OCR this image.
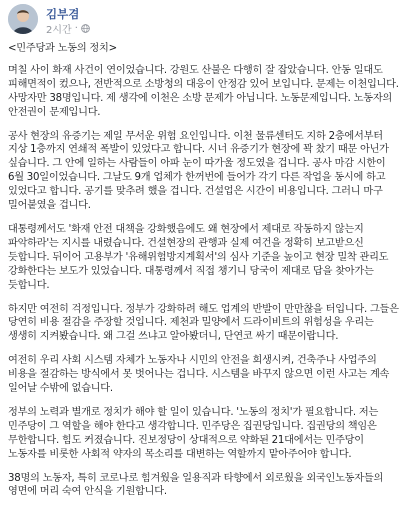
김부겸
2시간 ·
<민주당과 노동의 정치>
며칠 사이 화재 사건이 연이었습니다. 강원도 산불은 다행히 잘 잡았습니다. 안동 일대도 피해면적이 컸으나, 전반적으로 소방청의 대응이 안정감 있어 보입니다. 문제는 이천입니다. 사망자만 38명입니다. 제 생각에 이천은 소방 문제가 아닙니다. 노동문제입니다. 노동자의 안전권이 문제입니다.
공사 현장의 유증기는 제일 무서운 위험 요인입니다. 이천 물류센터도 지하 2층에서부터 지상 1층까지 연쇄적 폭발이 있었다고 합니다. 시너 유증기가 현장에 꽉 찼기 때문 아닌가 싶습니다. 그 안에 일하는 사람들이 아파 눈이 따가울 정도였을 겁니다. 공사 마감 시한이 6월 30일이었습니다. 그날도 9개 업체가 한꺼번에 들어가 각기 다른 작업을 동시에 하고 있었다고 합니다. 공기를 맞추려 했을 겁니다. 건설업은 시간이 비용입니다. 그러니 마구 밀어붙였을 겁니다.
대통령께서도 '화재 안전 대책을 강화했음에도 왜 현장에서 제대로 작동하지 않는지 파악하라'는 지시를 내렸습니다. 건설현장의 관행과 실제 여건을 정확히 보고받으신 듯합니다. 뒤이어 고용부가 '유해위험방지계획서'의 심사 기준을 높이고 현장 밀착 관리도 강화한다는 보도가 있었습니다. 대통령께서 직접 챙기니 당국이 제대로 답을 찾아가는 듯합니다.
하지만 여전히 걱정입니다. 정부가 강화하려 해도 업계의 반발이 만만찮을 터입니다. 그들은 당연히 비용 절감을 주장할 것입니다. 제천과 밀양에서 드라이비트의 위험성을 우리는 생생히 지켜봤습니다. 왜 그걸 쓰냐고 알아봤더니, 단연코 싸기 때문이랍니다.
여전히 우리 사회 시스템 자체가 노동자나 시민의 안전을 희생시켜, 건축주나 사업주의 비용을 절감하는 방식에서 못 벗어나는 겁니다. 시스템을 바꾸지 않으면 이런 사고는 계속 일어날 수밖에 없습니다.
정부의 노력과 별개로 정치가 해야 할 일이 있습니다. '노동의 정치'가 필요합니다. 저는 민주당이 그 역할을 해야 한다고 생각합니다. 민주당은 집권당입니다. 집권당의 책임은 무한합니다. 힘도 커졌습니다. 진보정당이 상대적으로 약화된 21대에서는 민주당이 노동자를 비롯한 사회적 약자의 목소리를 대변하는 역할까지 맡아주어야 합니다.
38명의 노동자, 특히 코로나로 힘겨웠을 일용직과 타향에서 외로웠을 외국인노동자들의 영면에 머리 숙여 안식을 기원합니다.
